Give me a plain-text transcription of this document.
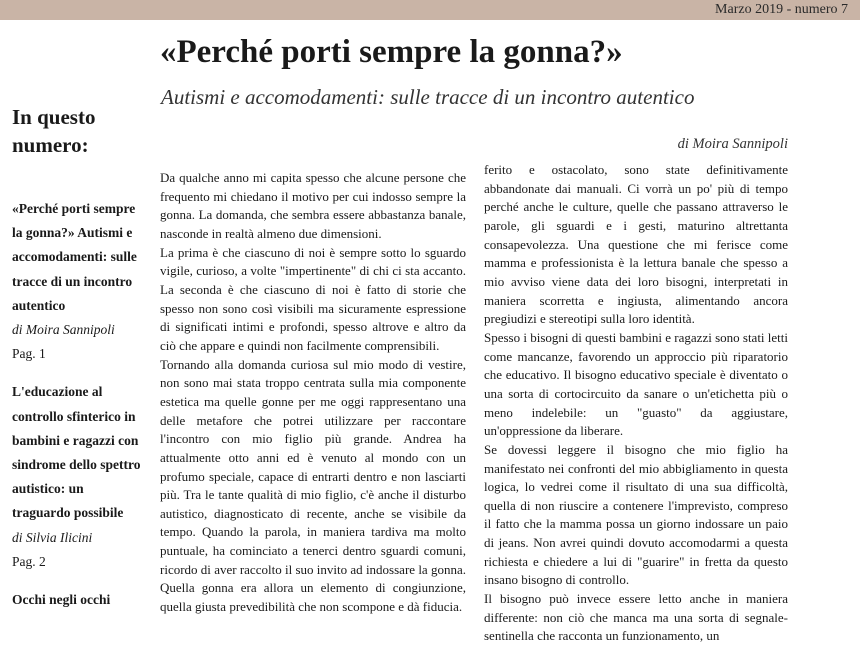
Marzo 2019 - numero 7
«Perché porti sempre la gonna?»
Autismi e accomodamenti: sulle tracce di un incontro autentico
di Moira Sannipoli
In questo numero:
«Perché porti sempre la gonna?» Autismi e accomodamenti: sulle tracce di un incontro autentico
di Moira Sannipoli
Pag. 1
L'educazione al controllo sfinterico in bambini e ragazzi con sindrome dello spettro autistico: un traguardo possibile
di Silvia Ilicini
Pag. 2
Occhi negli occhi

Da qualche anno mi capita spesso che alcune persone che frequento mi chiedano il motivo per cui indosso sempre la gonna. La domanda, che sembra essere abbastanza banale, nasconde in realtà almeno due dimensioni.

La prima è che ciascuno di noi è sempre sotto lo sguardo vigile, curioso, a volte "impertinente" di chi ci sta accanto. La seconda è che ciascuno di noi è fatto di storie che spesso non sono così visibili ma sicuramente espressione di significati intimi e profondi, spesso altrove e altro da ciò che appare e quindi non facilmente comprensibili.

Tornando alla domanda curiosa sul mio modo di vestire, non sono mai stata troppo centrata sulla mia componente estetica ma quelle gonne per me oggi rappresentano una delle metafore che potrei utilizzare per raccontare l'incontro con mio figlio più grande. Andrea ha attualmente otto anni ed è venuto al mondo con un profumo speciale, capace di entrarti dentro e non lasciarti più. Tra le tante qualità di mio figlio, c'è anche il disturbo autistico, diagnosticato di recente, anche se visibile da tempo. Quando la parola, in maniera tardiva ma molto puntuale, ha cominciato a tenerci dentro sguardi comuni, ricordo di aver raccolto il suo invito ad indossare la gonna. Quella gonna era allora un elemento di congiunzione, quella giusta prevedibilità che non scompone e dà fiducia.

ferito e ostacolato, sono state definitivamente abbandonate dai manuali. Ci vorrà un po' più di tempo perché anche le culture, quelle che passano attraverso le parole, gli sguardi e i gesti, maturino altrettanta consapevolezza. Una questione che mi ferisce come mamma e professionista è la lettura banale che spesso a mio avviso viene data dei loro bisogni, interpretati in maniera scorretta e ingiusta, alimentando ancora pregiudizi e stereotipi sulla loro identità.

Spesso i bisogni di questi bambini e ragazzi sono stati letti come mancanze, favorendo un approccio più riparatorio che educativo. Il bisogno educativo speciale è diventato o una sorta di cortocircuito da sanare o un'etichetta più o meno indelebile: un "guasto" da aggiustare, un'oppressione da liberare.

Se dovessi leggere il bisogno che mio figlio ha manifestato nei confronti del mio abbigliamento in questa logica, lo vedrei come il risultato di una sua difficoltà, quella di non riuscire a contenere l'imprevisto, compreso il fatto che la mamma possa un giorno indossare un paio di jeans. Non avrei quindi dovuto accomodarmi a questa richiesta e chiedere a lui di "guarire" in fretta da questo insano bisogno di controllo.

Il bisogno può invece essere letto anche in maniera differente: non ciò che manca ma una sorta di segnale-sentinella che racconta un funzionamento, un
